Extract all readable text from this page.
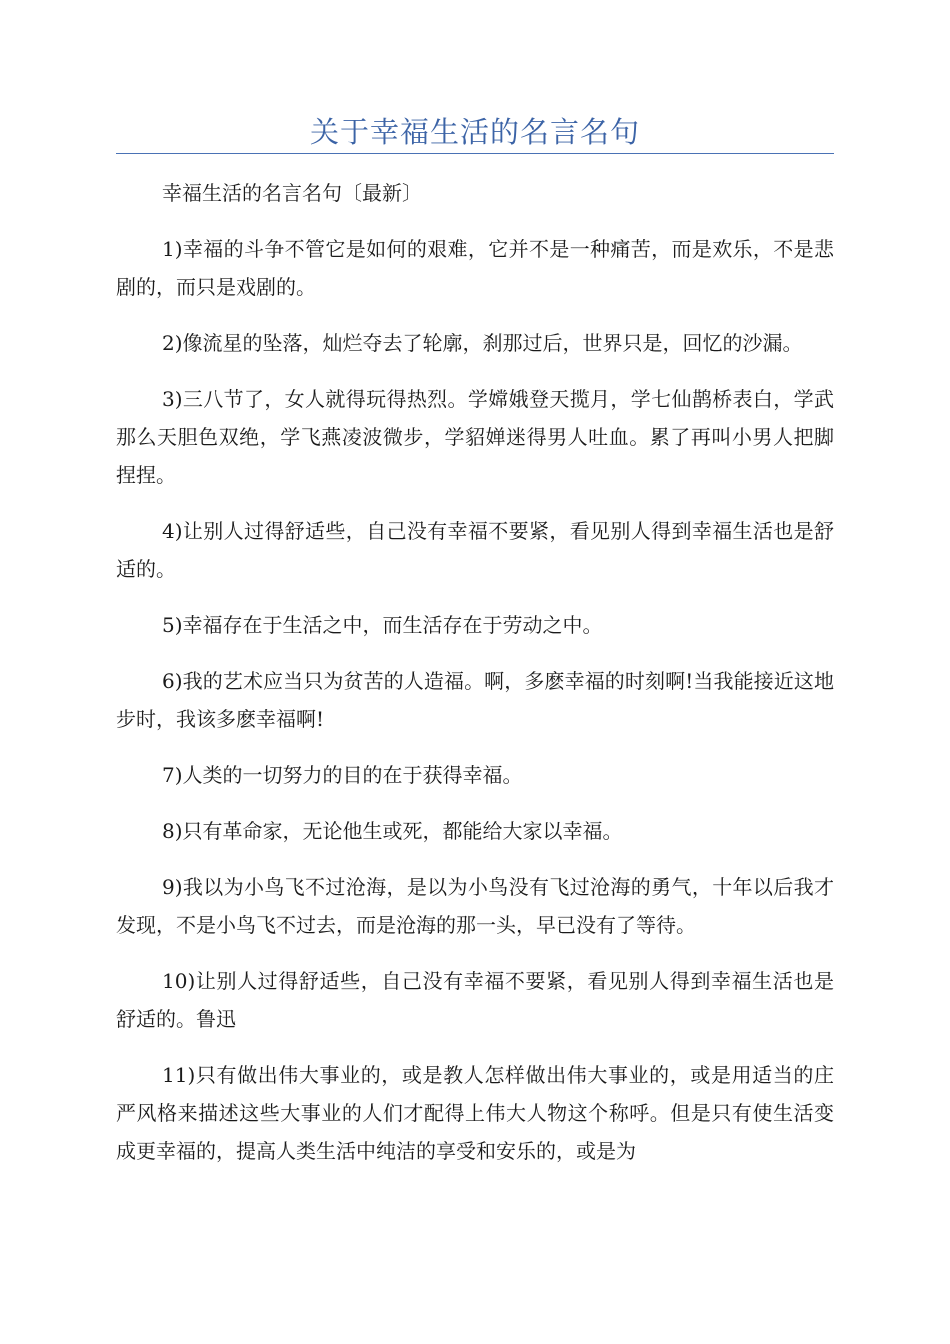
关于幸福生活的名言名句

幸福生活的名言名句〔最新〕

1)幸福的斗争不管它是如何的艰难，它并不是一种痛苦，而是欢乐，不是悲剧的，而只是戏剧的。

2)像流星的坠落，灿烂夺去了轮廓，刹那过后，世界只是，回忆的沙漏。

3)三八节了，女人就得玩得热烈。学嫦娥登天揽月，学七仙鹊桥表白，学武那么天胆色双绝，学飞燕凌波微步，学貂婵迷得男人吐血。累了再叫小男人把脚捏捏。

4)让别人过得舒适些，自己没有幸福不要紧，看见别人得到幸福生活也是舒适的。

5)幸福存在于生活之中，而生活存在于劳动之中。

6)我的艺术应当只为贫苦的人造福。啊，多麽幸福的时刻啊!当我能接近这地步时，我该多麽幸福啊!

7)人类的一切努力的目的在于获得幸福。

8)只有革命家，无论他生或死，都能给大家以幸福。

9)我以为小鸟飞不过沧海，是以为小鸟没有飞过沧海的勇气，十年以后我才发现，不是小鸟飞不过去，而是沧海的那一头，早已没有了等待。

10)让别人过得舒适些，自己没有幸福不要紧，看见别人得到幸福生活也是舒适的。鲁迅

11)只有做出伟大事业的，或是教人怎样做出伟大事业的，或是用适当的庄严风格来描述这些大事业的人们才配得上伟大人物这个称呼。但是只有使生活变成更幸福的，提高人类生活中纯洁的享受和安乐的，或是为
